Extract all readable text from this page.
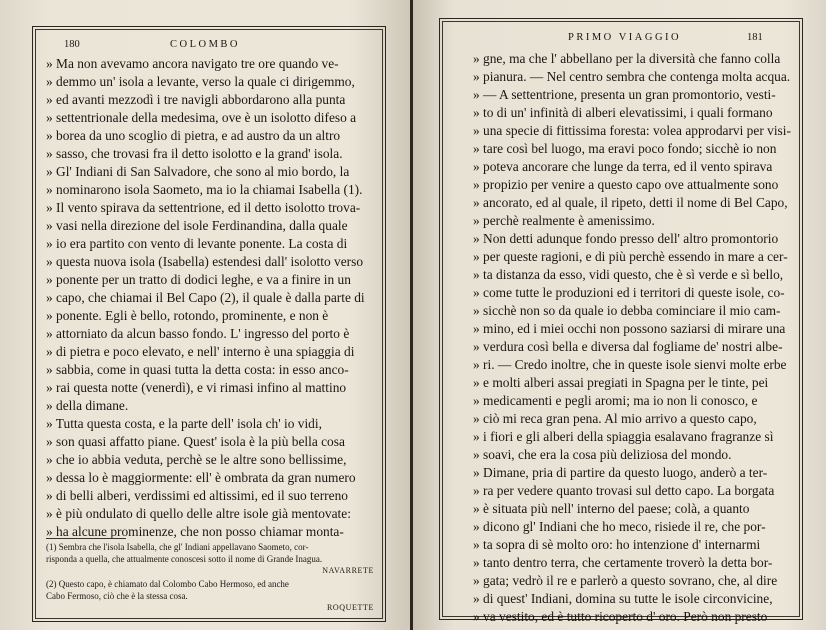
180	COLOMBO
» Ma non avevamo ancora navigato tre ore quando ve-
» demmo un' isola a levante, verso la quale ci dirigemmo,
» ed avanti mezzodì i tre navigli abbordarono alla punta
» settentrionale della medesima, ove è un isolotto difeso a
» borea da uno scoglio di pietra, e ad austro da un altro
» sasso, che trovasi fra il detto isolotto e la grand' isola.
» Gl' Indiani di San Salvadore, che sono al mio bordo, la
» nominarono isola Saometo, ma io la chiamai Isabella (1).
» Il vento spirava da settentrione, ed il detto isolotto trova-
» vasi nella direzione del isole Ferdinandina, dalla quale
» io era partito con vento di levante ponente. La costa di
» questa nuova isola (Isabella) estendesi dall' isolotto verso
» ponente per un tratto di dodici leghe, e va a finire in un
» capo, che chiamai il Bel Capo (2), il quale è dalla parte di
» ponente. Egli è bello, rotondo, prominente, e non è
» attorniato da alcun basso fondo. L' ingresso del porto è
» di pietra e poco elevato, e nell' interno è una spiaggia di
» sabbia, come in quasi tutta la detta costa: in esso anco-
» rai questa notte (venerdì), e vi rimasi infino al mattino
» della dimane.
» Tutta questa costa, e la parte dell' isola ch' io vidi,
» son quasi affatto piane. Quest' isola è la più bella cosa
» che io abbia veduta, perchè se le altre sono bellissime,
» dessa lo è maggiormente: ell' è ombrata da gran numero
» di belli alberi, verdissimi ed altissimi, ed il suo terreno
» è più ondulato di quello delle altre isole già mentovate:
» ha alcune prominenze, che non posso chiamar monta-
(1) Sembra che l'isola Isabella, che gl' Indiani appellavano Saometo, cor-
risponda a quella, che attualmente conoscesi sotto il nome di Grande Inagua.
NAVARRETE
(2) Questo capo, è chiamato dal Colombo Cabo Hermoso, ed anche
Cabo Fermoso, ciò che è la stessa cosa.
ROQUETTE
PRIMO VIAGGIO	181
» gne, ma che l' abbellano per la diversità che fanno colla
» pianura. — Nel centro sembra che contenga molta acqua.
» — A settentrione, presenta un gran promontorio, vesti-
» to di un' infinità di alberi elevatissimi, i quali formano
» una specie di fittissima foresta: volea approdarvi per visi-
» tare così bel luogo, ma eravi poco fondo; sicchè io non
» poteva ancorare che lunge da terra, ed il vento spirava
» propizio per venire a questo capo ove attualmente sono
» ancorato, ed al quale, il ripeto, detti il nome di Bel Capo,
» perchè realmente è amenissimo.
» Non detti adunque fondo presso dell' altro promontorio
» per queste ragioni, e di più perchè essendo in mare a cer-
» ta distanza da esso, vidi questo, che è sì verde e sì bello,
» come tutte le produzioni ed i territori di queste isole, co-
» sicchè non so da quale io debba cominciare il mio cam-
» mino, ed i miei occhi non possono saziarsi di mirare una
» verdura così bella e diversa dal fogliame de' nostri albe-
» ri. — Credo inoltre, che in queste isole sienvi molte erbe
» e molti alberi assai pregiati in Spagna per le tinte, pei
» medicamenti e pegli aromi; ma io non li conosco, e
» ciò mi reca gran pena. Al mio arrivo a questo capo,
» i fiori e gli alberi della spiaggia esalavano fragranze sì
» soavi, che era la cosa più deliziosa del mondo.
» Dimane, pria di partire da questo luogo, anderò a ter-
» ra per vedere quanto trovasi sul detto capo. La borgata
» è situata più nell' interno del paese; colà, a quanto
» dicono gl' Indiani che ho meco, risiede il re, che por-
» ta sopra di sè molto oro: ho intenzione d' internarmi
» tanto dentro terra, che certamente troverò la detta bor-
» gata; vedrò il re e parlerò a questo sovrano, che, al dire
» di quest' Indiani, domina su tutte le isole circonvicine,
» va vestito, ed è tutto ricoperto d' oro. Però non presto
